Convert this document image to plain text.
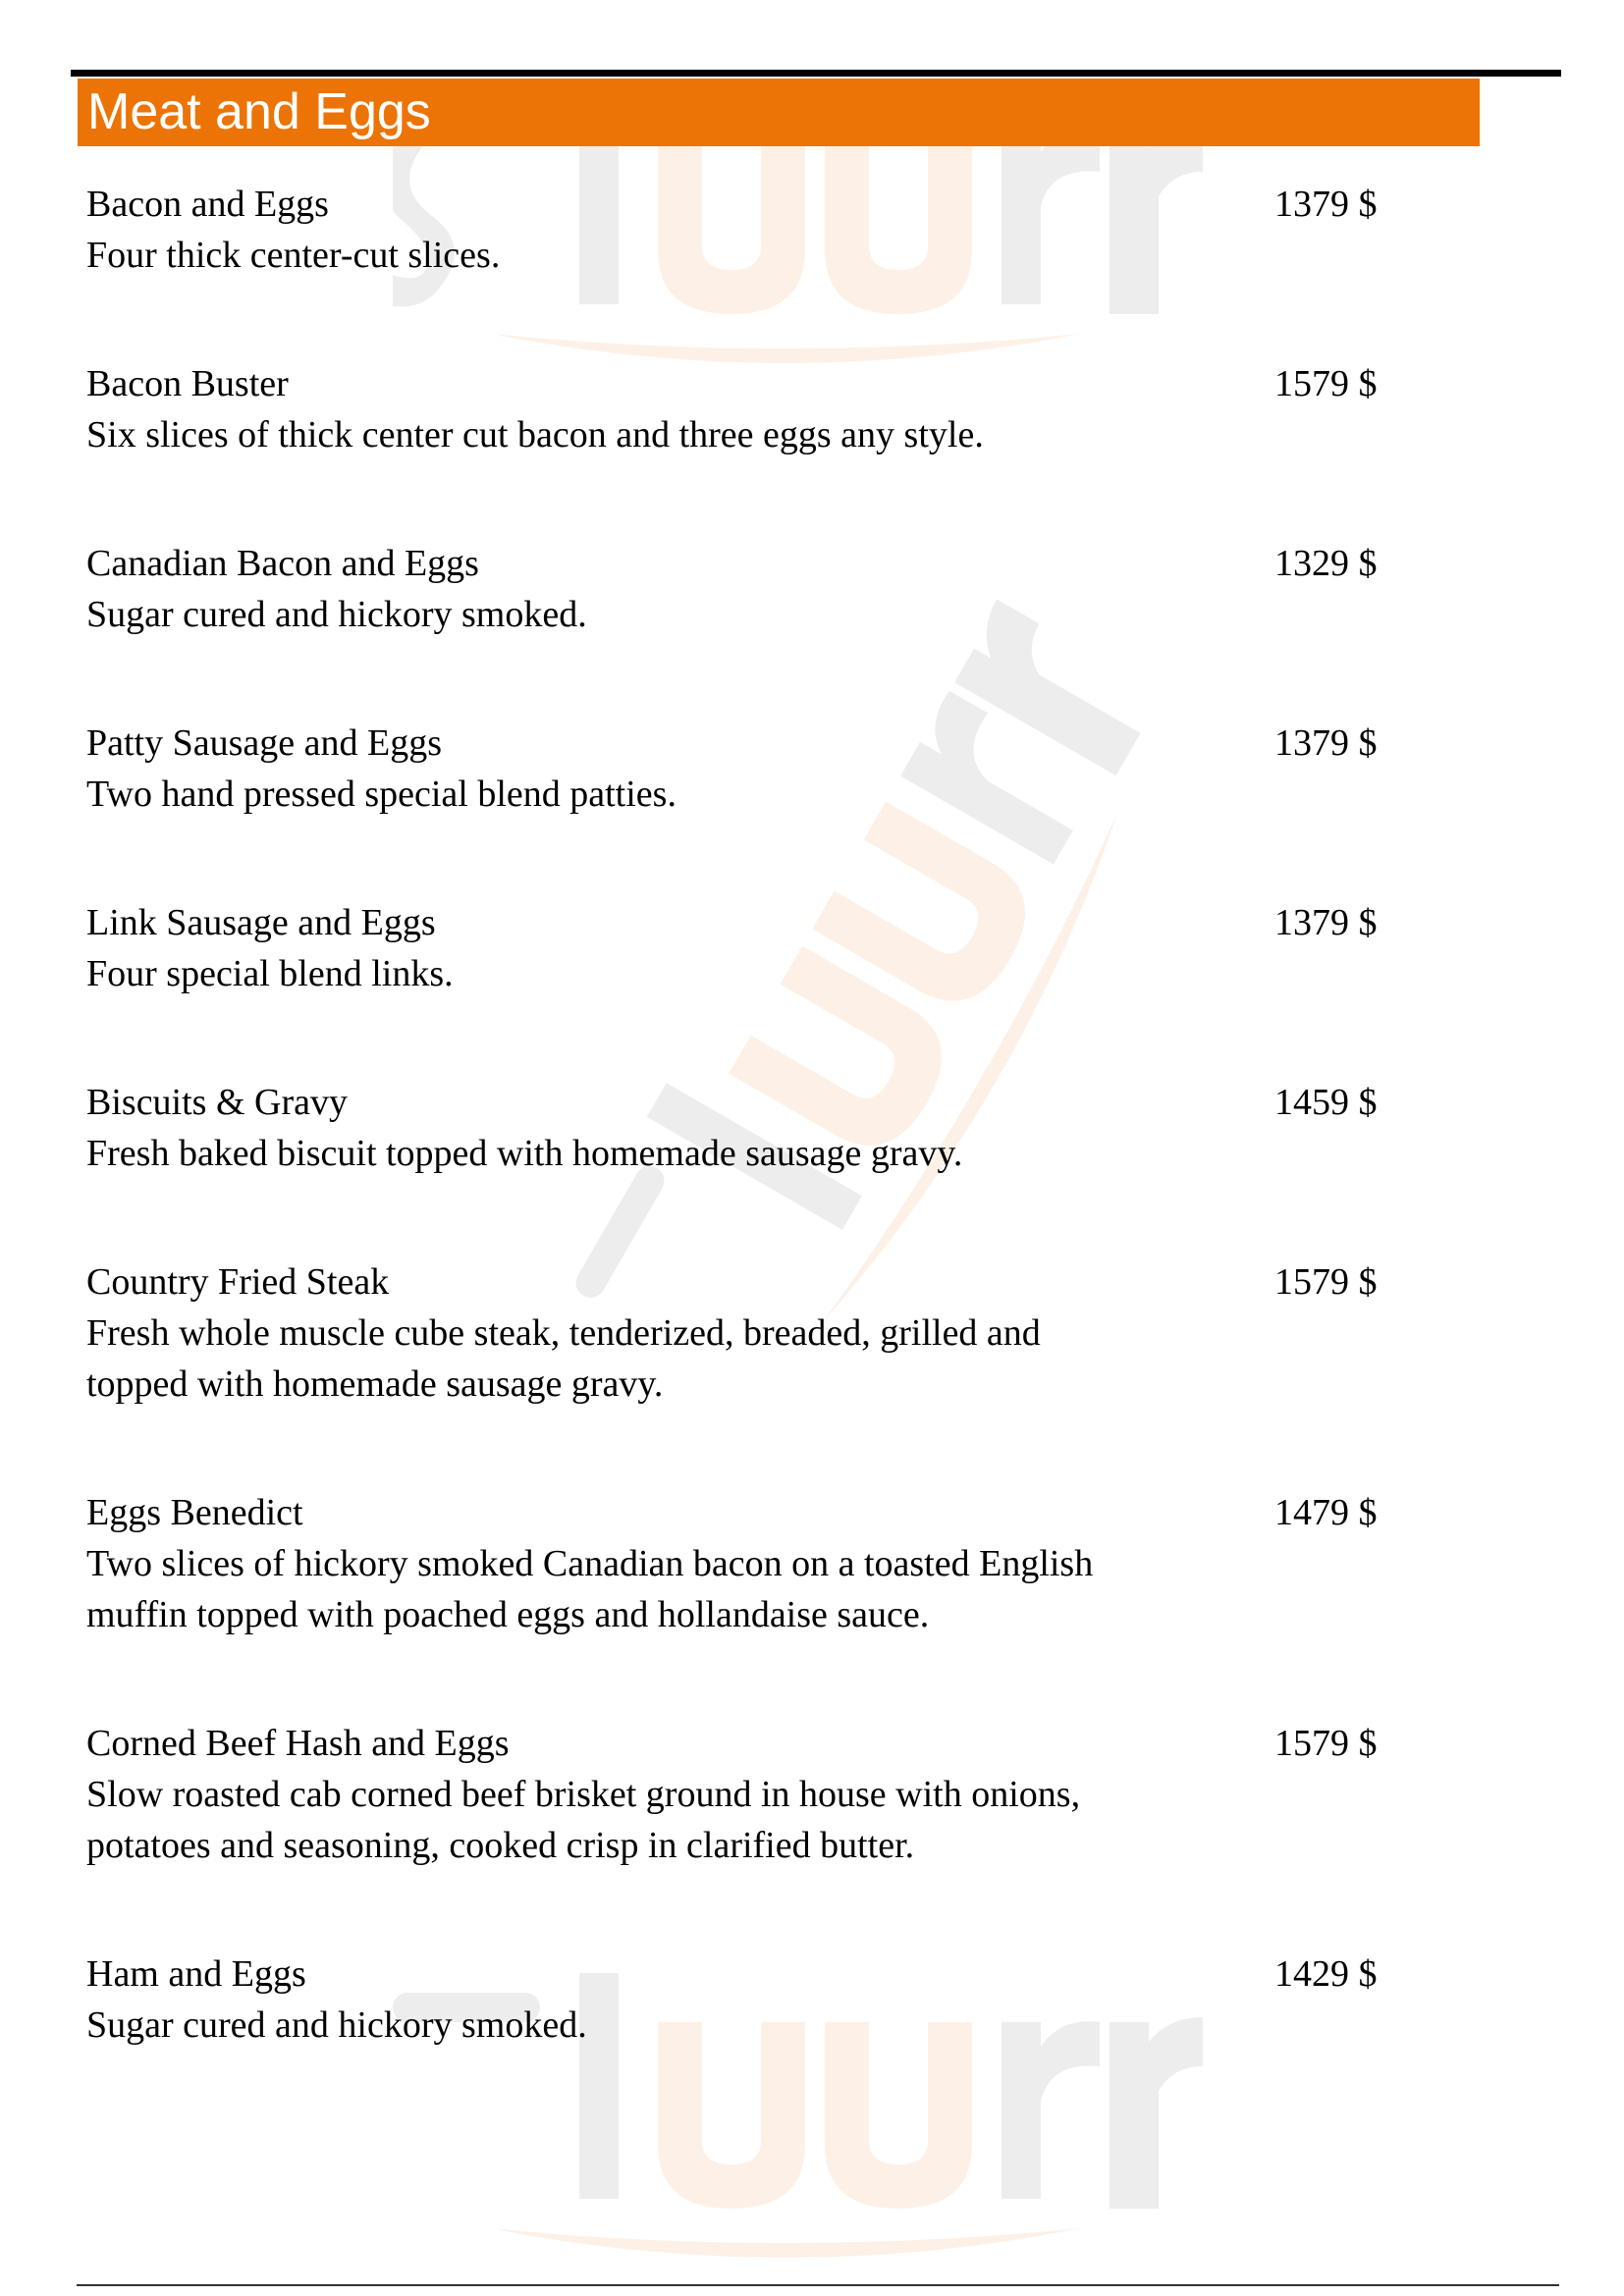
Meat and Eggs
Bacon and Eggs	1379 $
Four thick center-cut slices.
Bacon Buster	1579 $
Six slices of thick center cut bacon and three eggs any style.
Canadian Bacon and Eggs	1329 $
Sugar cured and hickory smoked.
Patty Sausage and Eggs	1379 $
Two hand pressed special blend patties.
Link Sausage and Eggs	1379 $
Four special blend links.
Biscuits & Gravy	1459 $
Fresh baked biscuit topped with homemade sausage gravy.
Country Fried Steak	1579 $
Fresh whole muscle cube steak, tenderized, breaded, grilled and
topped with homemade sausage gravy.
Eggs Benedict	1479 $
Two slices of hickory smoked Canadian bacon on a toasted English
muffin topped with poached eggs and hollandaise sauce.
Corned Beef Hash and Eggs	1579 $
Slow roasted cab corned beef brisket ground in house with onions,
potatoes and seasoning, cooked crisp in clarified butter.
Ham and Eggs	1429 $
Sugar cured and hickory smoked.
